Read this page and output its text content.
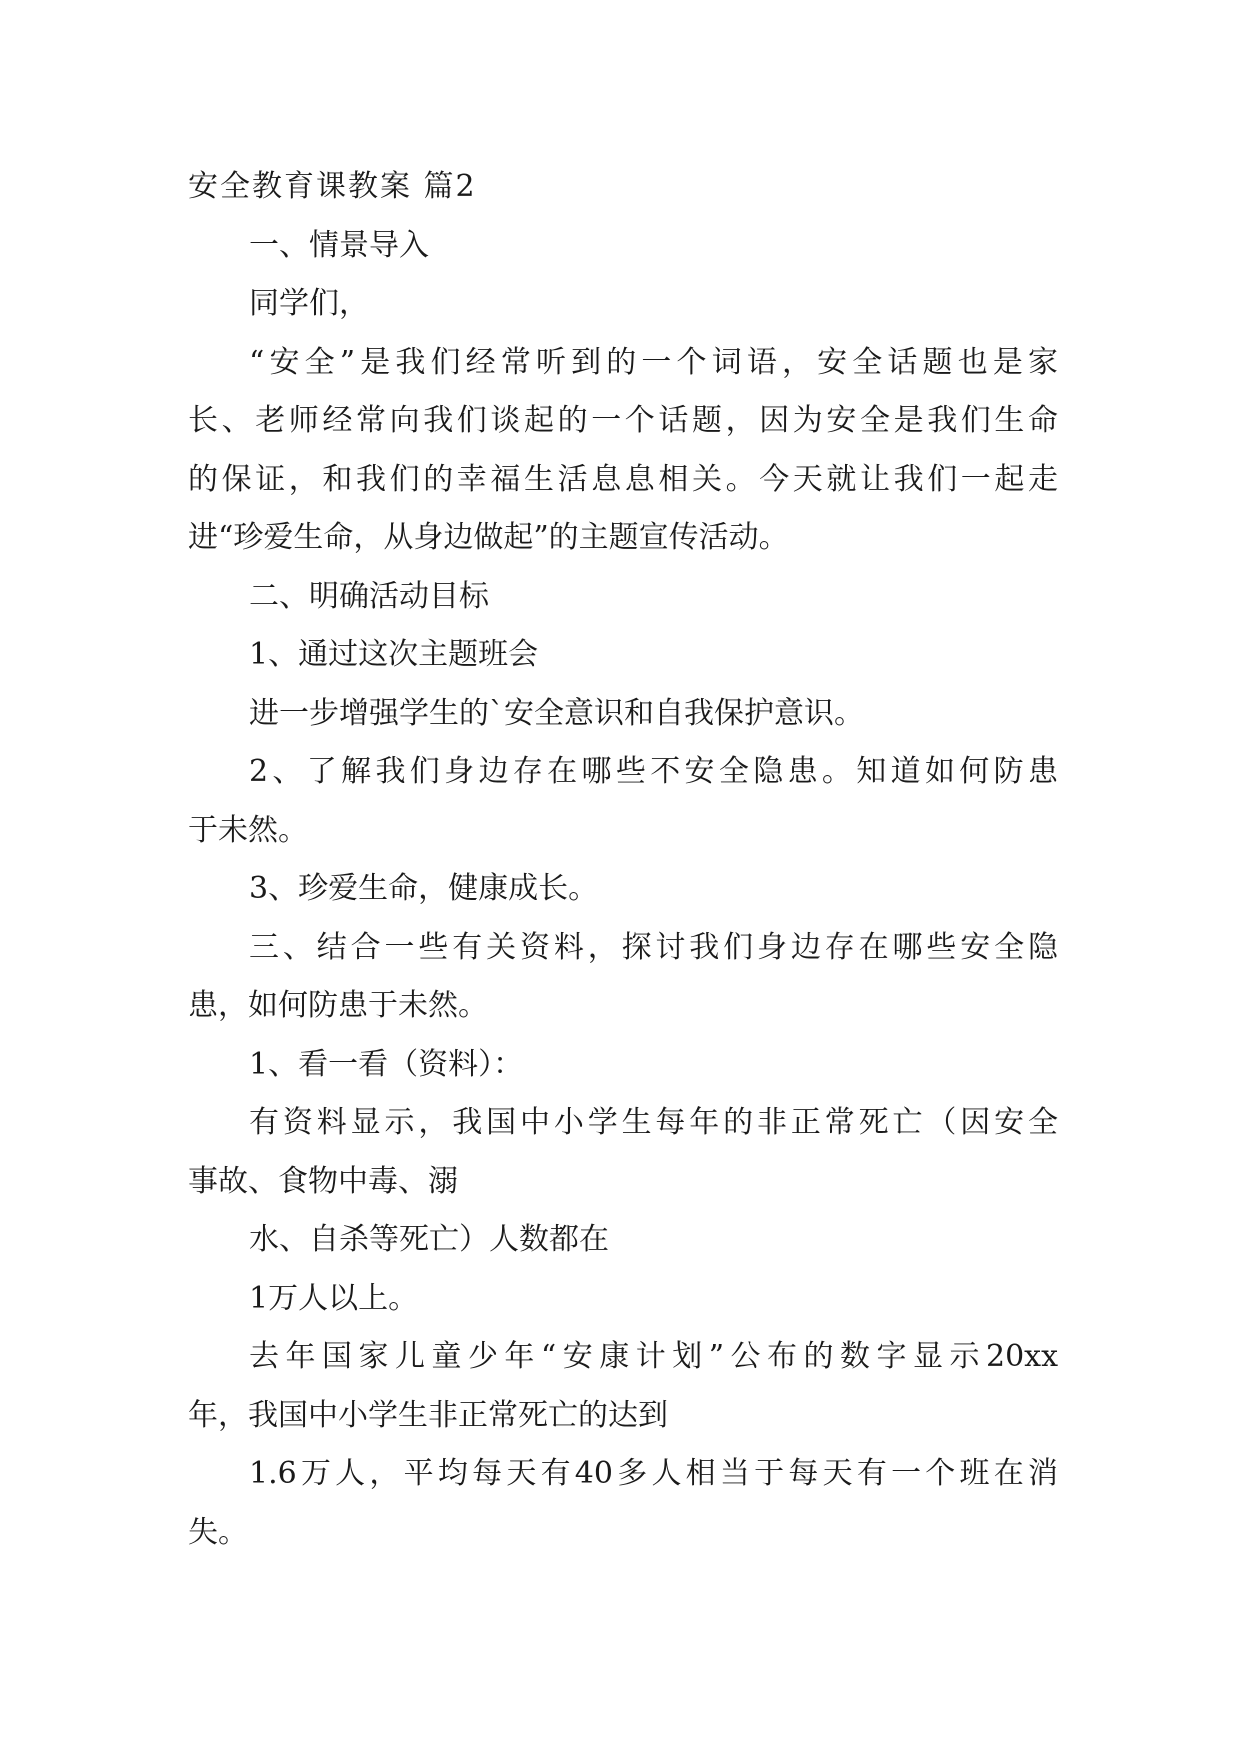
安全教育课教案 篇2

一、情景导入

同学们，

“安全”是我们经常听到的一个词语，安全话题也是家

长、老师经常向我们谈起的一个话题，因为安全是我们生命

的保证，和我们的幸福生活息息相关。今天就让我们一起走

进“珍爱生命，从身边做起”的主题宣传活动。

二、明确活动目标

1、通过这次主题班会

进一步增强学生的`安全意识和自我保护意识。

2、了解我们身边存在哪些不安全隐患。知道如何防患

于未然。

3、珍爱生命，健康成长。

三、结合一些有关资料，探讨我们身边存在哪些安全隐

患，如何防患于未然。

1、看一看（资料）：

有资料显示，我国中小学生每年的非正常死亡（因安全

事故、食物中毒、溺

水、自杀等死亡）人数都在

1万人以上。

去年国家儿童少年“安康计划”公布的数字显示20xx

年，我国中小学生非正常死亡的达到

1.6万人，平均每天有40多人相当于每天有一个班在消

失。
